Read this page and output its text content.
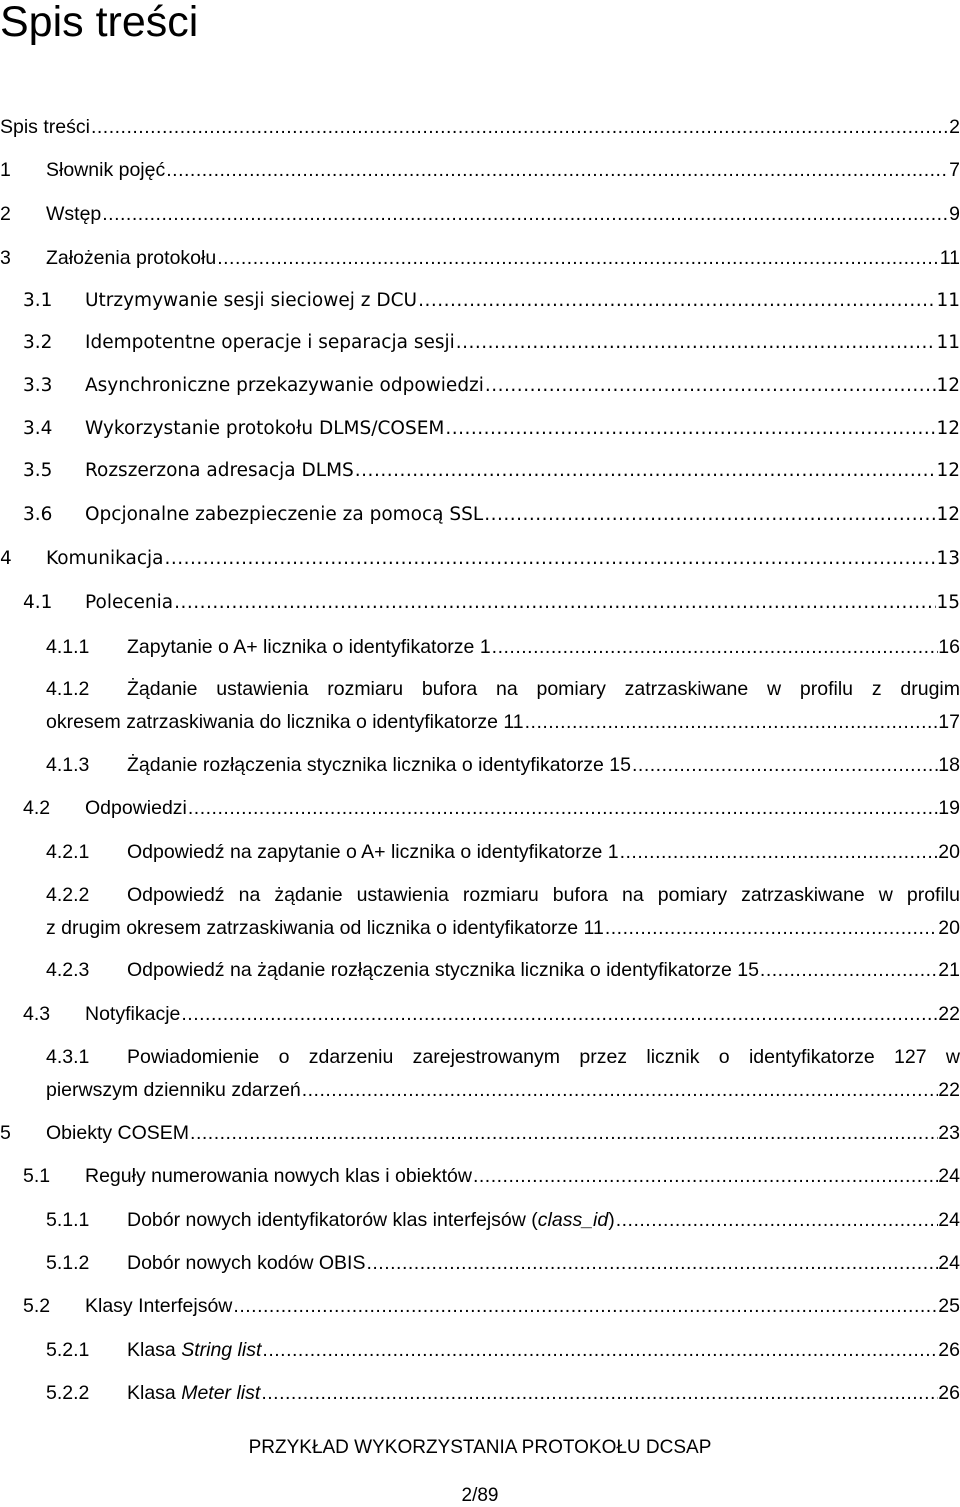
Spis treści
Spis treści .....	2
1 Słownik pojęć .....	7
2 Wstęp .....	9
3 Założenia protokołu .....	11
3.1 Utrzymywanie sesji sieciowej z DCU .....	11
3.2 Idempotentne operacje i separacja sesji .....	11
3.3 Asynchroniczne przekazywanie odpowiedzi .....	12
3.4 Wykorzystanie protokołu DLMS/COSEM .....	12
3.5 Rozszerzona adresacja DLMS .....	12
3.6 Opcjonalne zabezpieczenie za pomocą SSL .....	12
4 Komunikacja .....	13
4.1 Polecenia .....	15
4.1.1 Zapytanie o A+ licznika o identyfikatorze 1 .....	16
4.1.2 Żądanie ustawienia rozmiaru bufora na pomiary zatrzaskiwane w profilu z drugim
okresem zatrzaskiwania do licznika o identyfikatorze 11 .....	17
4.1.3 Żądanie rozłączenia stycznika licznika o identyfikatorze 15 .....	18
4.2 Odpowiedzi .....	19
4.2.1 Odpowiedź na zapytanie o A+ licznika o identyfikatorze 1 .....	20
4.2.2 Odpowiedź na żądanie ustawienia rozmiaru bufora na pomiary zatrzaskiwane w profilu
z drugim okresem zatrzaskiwania od licznika o identyfikatorze 11 .....	20
4.2.3 Odpowiedź na żądanie rozłączenia stycznika licznika o identyfikatorze 15 .....	21
4.3 Notyfikacje .....	22
4.3.1 Powiadomienie o zdarzeniu zarejestrowanym przez licznik o identyfikatorze 127 w
pierwszym dzienniku zdarzeń .....	22
5 Obiekty COSEM .....	23
5.1 Reguły numerowania nowych klas i obiektów .....	24
5.1.1 Dobór nowych identyfikatorów klas interfejsów (class_id) .....	24
5.1.2 Dobór nowych kodów OBIS .....	24
5.2 Klasy Interfejsów .....	25
5.2.1 Klasa String list .....	26
5.2.2 Klasa Meter list .....	26
PRZYKŁAD WYKORZYSTANIA PROTOKOŁU DCSAP
2/89
